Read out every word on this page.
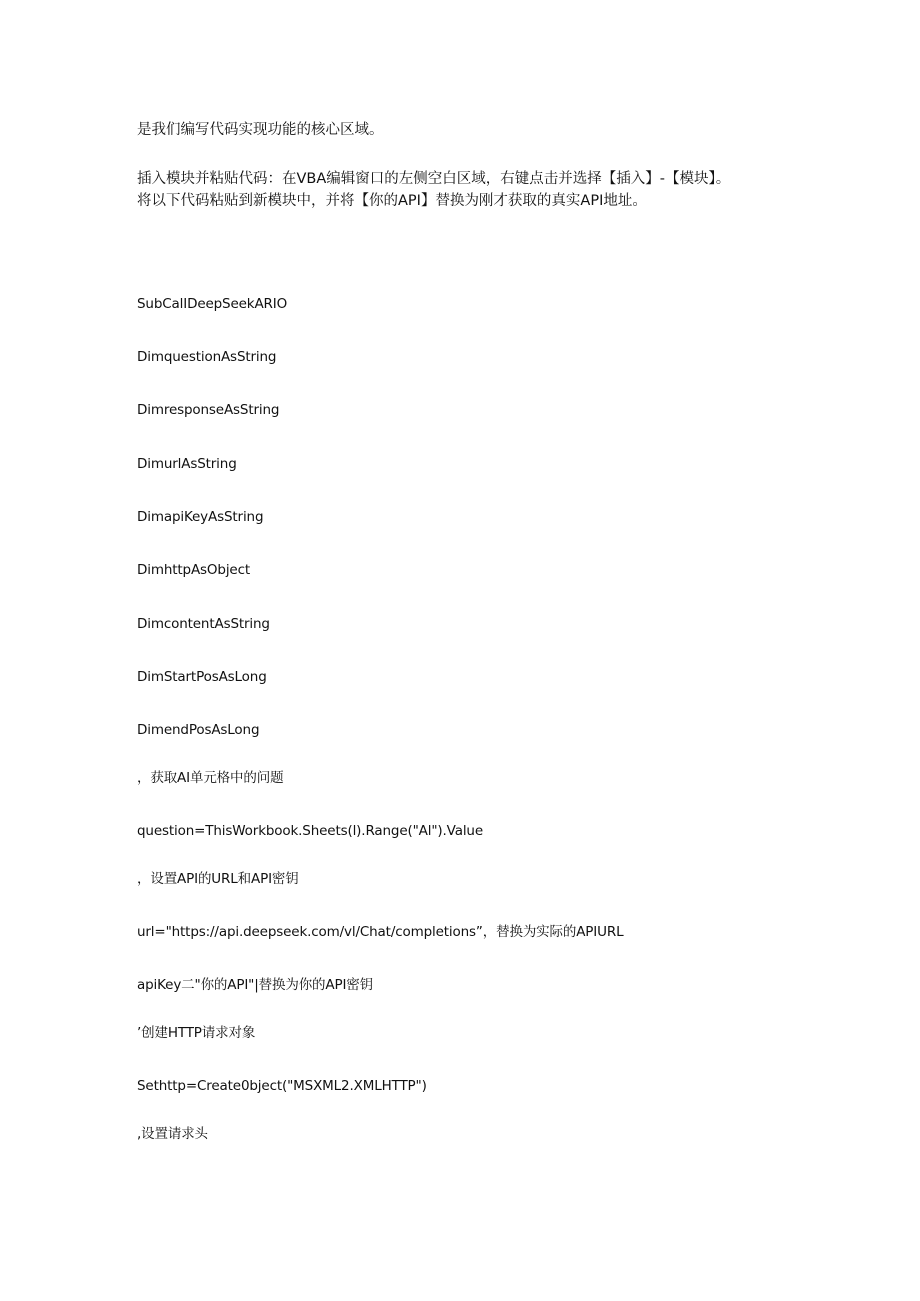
是我们编写代码实现功能的核心区域。
插入模块并粘贴代码：在VBA编辑窗口的左侧空白区域，右键点击并选择【插入】-【模块】。
将以下代码粘贴到新模块中，并将【你的API】替换为刚才获取的真实API地址。
SubCalIDeepSeekARIO
DimquestionAsString
DimresponseAsString
DimurlAsString
DimapiKeyAsString
DimhttpAsObject
DimcontentAsString
DimStartPosAsLong
DimendPosAsLong
，获取AI单元格中的问题
question=ThisWorkbook.Sheets(l).Range("Al").Value
，设置API的URL和API密钥
url="https://api.deepseek.com/vl/Chat/completions”，替换为实际的APIURL
apiKey二"你的API"|替换为你的API密钥
’创建HTTP请求对象
Sethttp=Create0bject("MSXML2.XMLHTTP")
,设置请求头
